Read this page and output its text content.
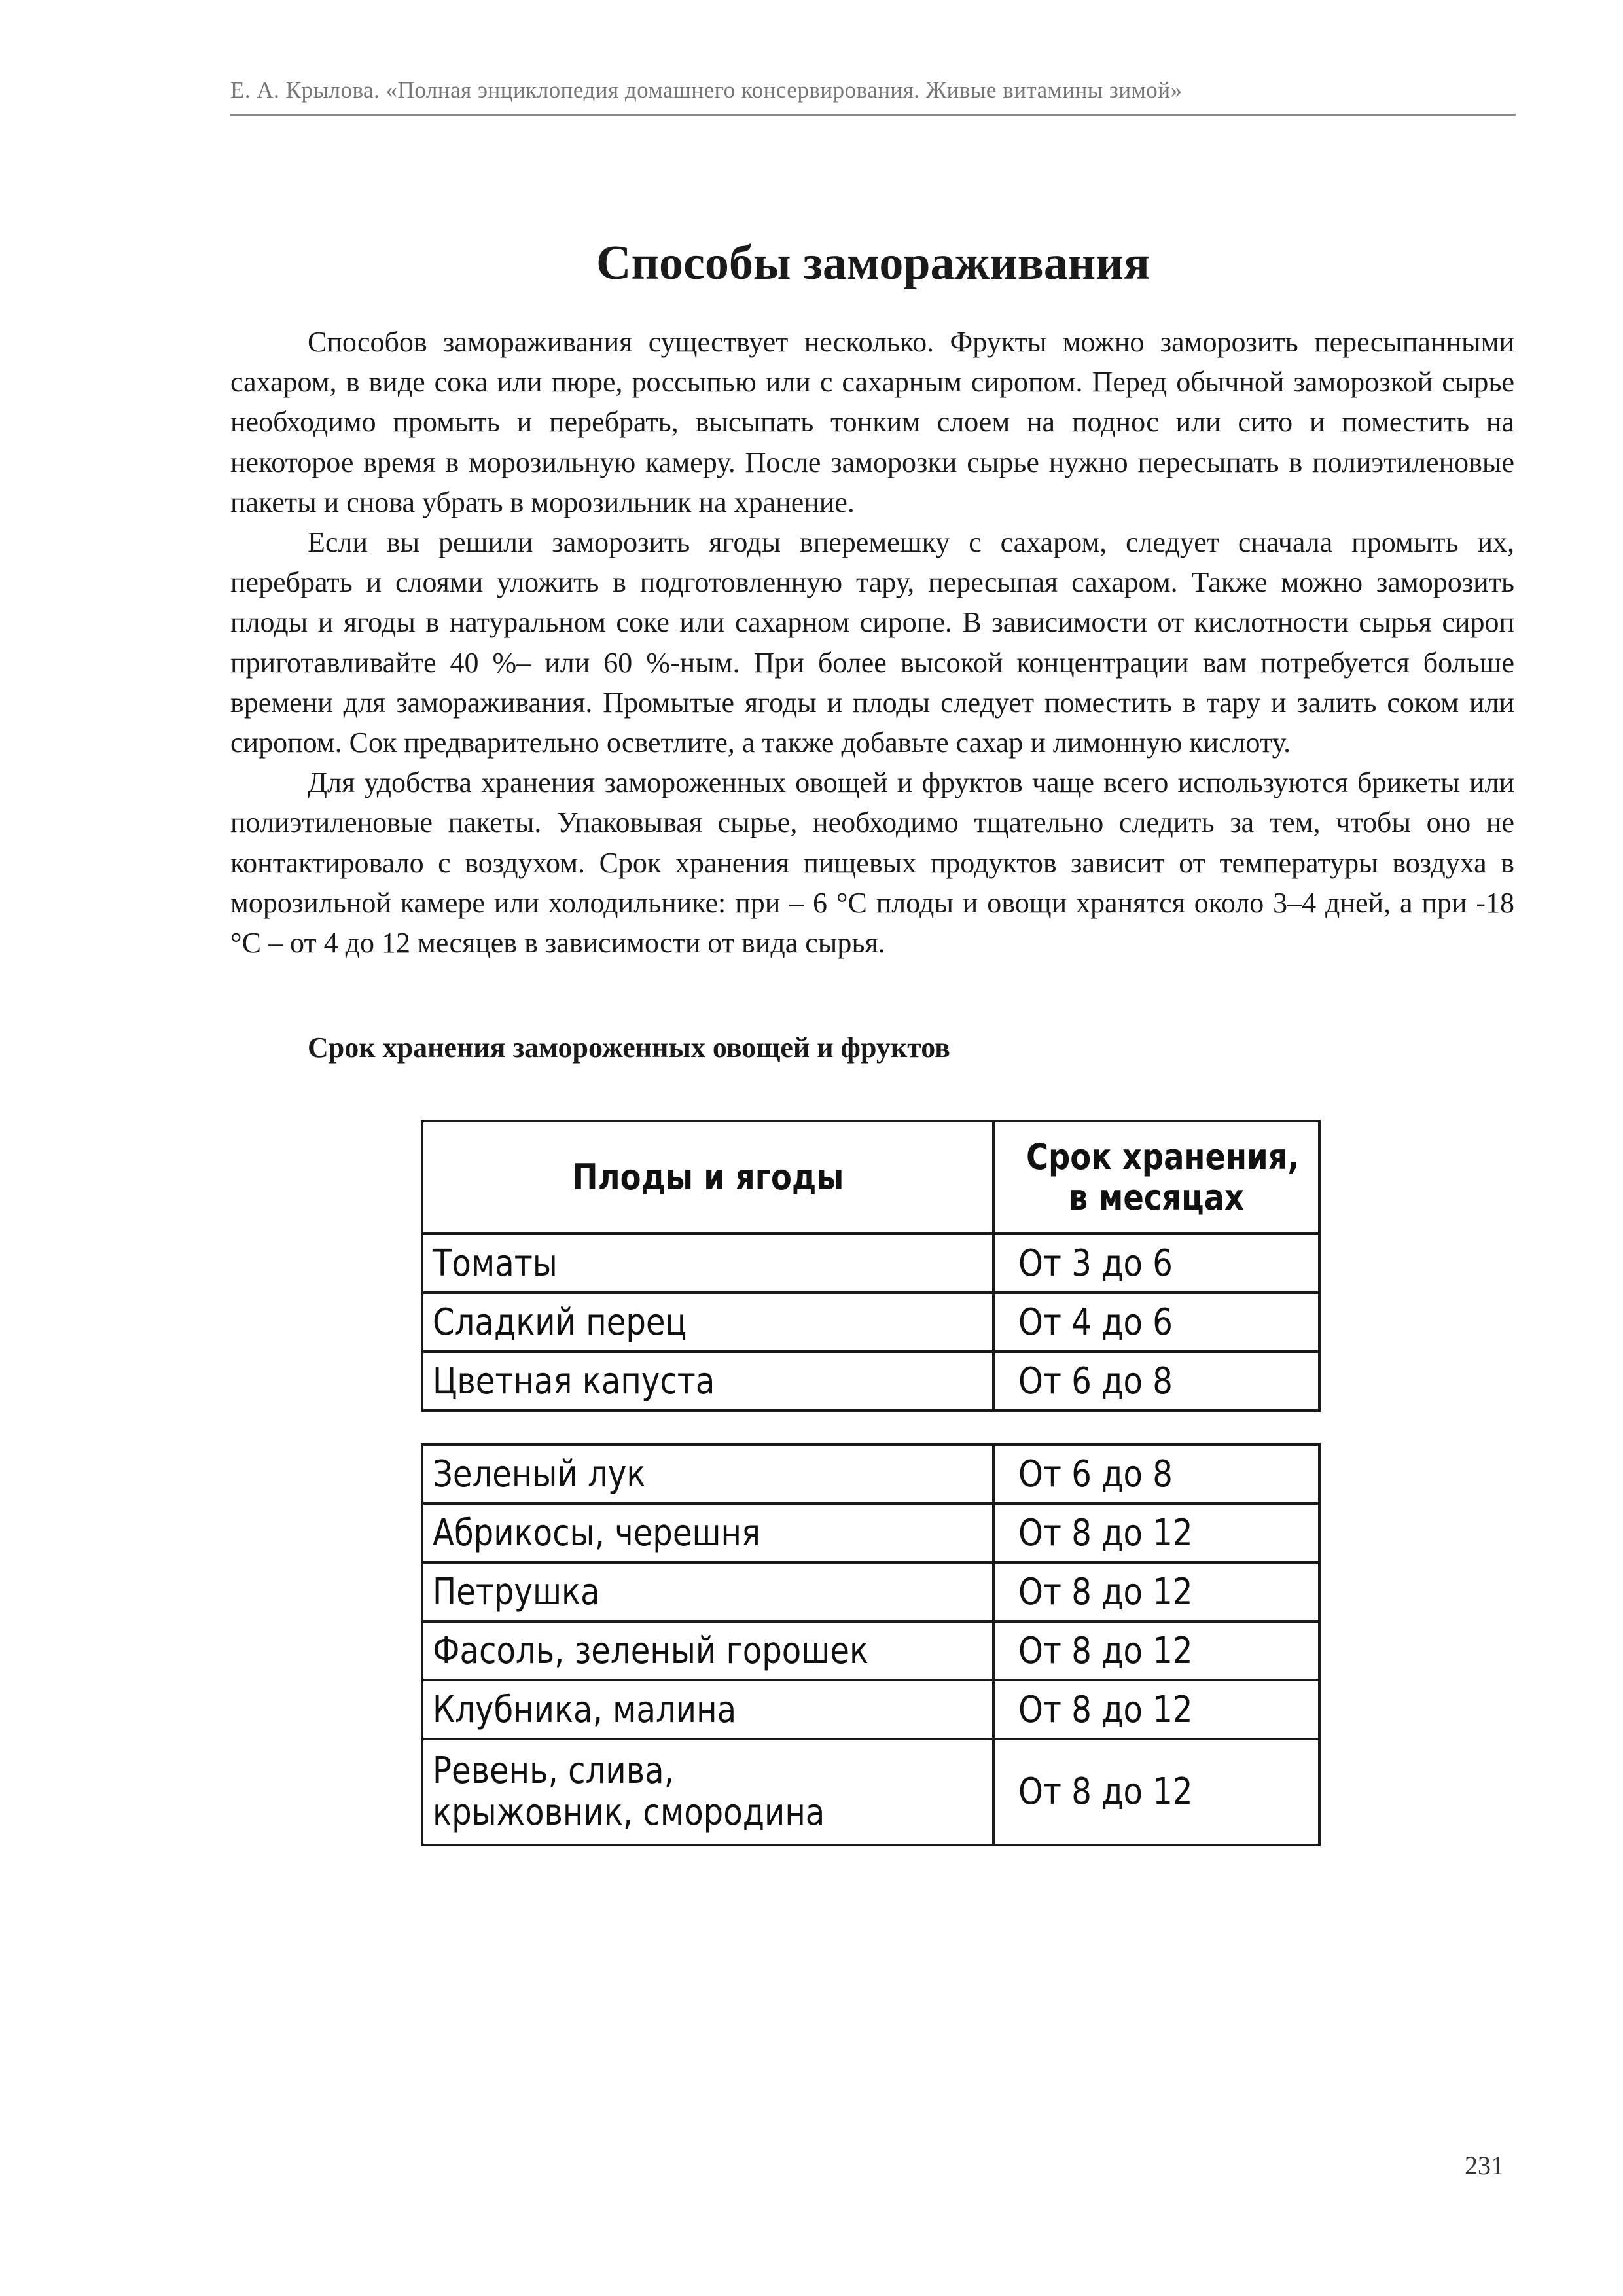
Е. А. Крылова. «Полная энциклопедия домашнего консервирования. Живые витамины зимой»
Способы замораживания

Способов замораживания существует несколько. Фрукты можно заморозить пересыпанными сахаром, в виде сока или пюре, россыпью или с сахарным сиропом. Перед обычной заморозкой сырье необходимо промыть и перебрать, высыпать тонким слоем на поднос или сито и поместить на некоторое время в морозильную камеру. После заморозки сырье нужно пересыпать в полиэтиленовые пакеты и снова убрать в морозильник на хранение.

Если вы решили заморозить ягоды вперемешку с сахаром, следует сначала промыть их, перебрать и слоями уложить в подготовленную тару, пересыпая сахаром. Также можно заморозить плоды и ягоды в натуральном соке или сахарном сиропе. В зависимости от кислотности сырья сироп приготавливайте 40 %– или 60 %-ным. При более высокой концентрации вам потребуется больше времени для замораживания. Промытые ягоды и плоды следует поместить в тару и залить соком или сиропом. Сок предварительно осветлите, а также добавьте сахар и лимонную кислоту.

Для удобства хранения замороженных овощей и фруктов чаще всего используются брикеты или полиэтиленовые пакеты. Упаковывая сырье, необходимо тщательно следить за тем, чтобы оно не контактировало с воздухом. Срок хранения пищевых продуктов зависит от температуры воздуха в морозильной камере или холодильнике: при – 6 °С плоды и овощи хранятся около 3–4 дней, а при -18 °С – от 4 до 12 месяцев в зависимости от вида сырья.

Срок хранения замороженных овощей и фруктов
Плоды и ягоды	Срок хранения,
в месяцах
Томаты	От 3 до 6
Сладкий перец	От 4 до 6
Цветная капуста	От 6 до 8
Зеленый лук	От 6 до 8
Абрикосы, черешня	От 8 до 12
Петрушка	От 8 до 12
Фасоль, зеленый горошек	От 8 до 12
Клубника, малина	От 8 до 12
Ревень, слива,
крыжовник, смородина	От 8 до 12
231
